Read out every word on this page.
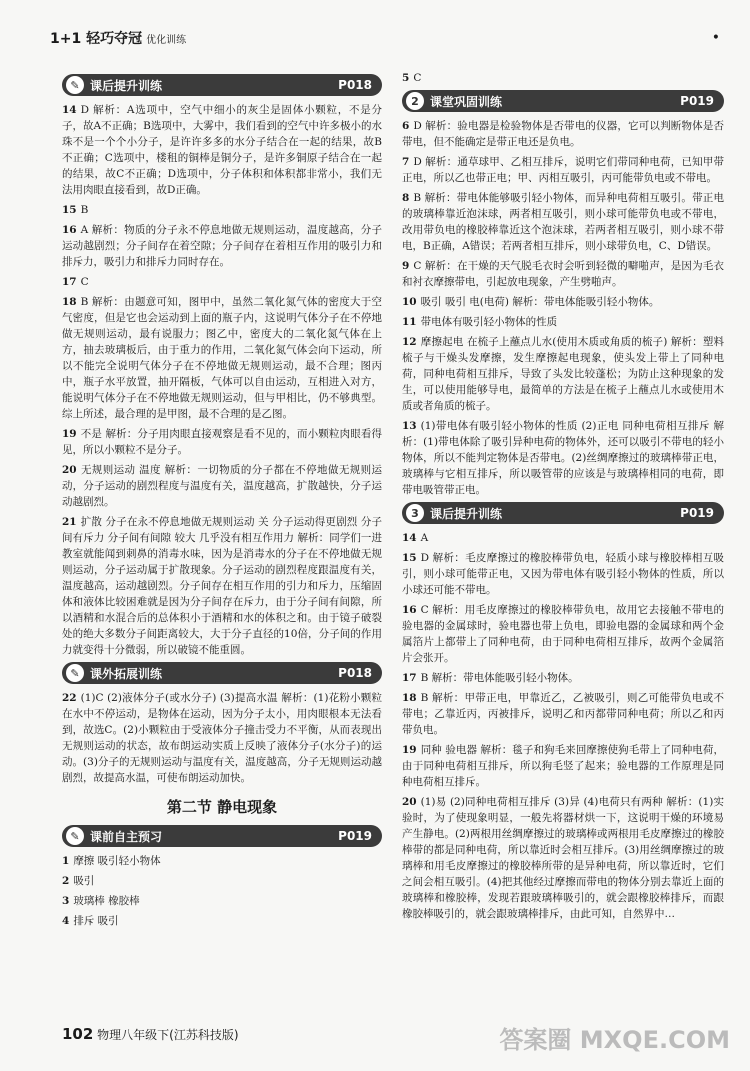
1+1 轻巧夺冠 优化训练	•
✎ 课后提升训练	P018

14 D 解析：A选项中，空气中细小的灰尘是固体小颗粒，不是分子，故A不正确；B选项中，大雾中，我们看到的空气中许多极小的水珠不是一个个小分子，是许许多多的水分子结合在一起的结果，故B不正确；C选项中，楼租的铜棒是铜分子，是许多铜原子结合在一起的结果，故C不正确；D选项中，分子体积和体积都非常小，我们无法用肉眼直接看到，故D正确。

15 B

16 A 解析：物质的分子永不停息地做无规则运动，温度越高，分子运动越剧烈；分子间存在着空隙；分子间存在着相互作用的吸引力和排斥力，吸引力和排斥力同时存在。

17 C

18 B 解析：由题意可知，图甲中，虽然二氧化氮气体的密度大于空气密度，但是它也会运动到上面的瓶子内，这说明气体分子在不停地做无规则运动，最有说服力；图乙中，密度大的二氧化氮气体在上方，抽去玻璃板后，由于重力的作用，二氧化氮气体会向下运动，所以不能完全说明气体分子在不停地做无规则运动，最不合理；图丙中，瓶子水平放置，抽开隔板，气体可以自由运动，互相进入对方，能说明气体分子在不停地做无规则运动，但与甲相比，仍不够典型。综上所述，最合理的是甲图，最不合理的是乙图。

19 不是 解析：分子用肉眼直接观察是看不见的，而小颗粒肉眼看得见，所以小颗粒不是分子。

20 无规则运动 温度 解析：一切物质的分子都在不停地做无规则运动，分子运动的剧烈程度与温度有关，温度越高，扩散越快，分子运动越剧烈。

21 扩散 分子在永不停息地做无规则运动 关 分子运动得更剧烈 分子间有斥力 分子间有间隙 较大 几乎没有相互作用力 解析：同学们一进教室就能闻到刺鼻的消毒水味，因为是消毒水的分子在不停地做无规则运动，分子运动属于扩散现象。分子运动的剧烈程度跟温度有关，温度越高，运动越剧烈。分子间存在相互作用的引力和斥力，压缩固体和液体比较困难就是因为分子间存在斥力，由于分子间有间隙，所以酒精和水混合后的总体积小于酒精和水的体积之和。由于镜子破裂处的绝大多数分子间距离较大，大于分子直径的10倍，分子间的作用力就变得十分微弱，所以破镜不能重圆。

✎ 课外拓展训练	P018

22 (1)C (2)液体分子(或水分子) (3)提高水温 解析：(1)花粉小颗粒在水中不停运动，是物体在运动，因为分子太小，用肉眼根本无法看到，故选C。(2)小颗粒由于受液体分子撞击受力不平衡，从而表现出无规则运动的状态，故布朗运动实质上反映了液体分子(水分子)的运动。(3)分子的无规则运动与温度有关，温度越高，分子无规则运动越剧烈，故提高水温，可使布朗运动加快。

第二节 静电现象
✎ 课前自主预习	P019

1 摩擦 吸引轻小物体

2 吸引

3 玻璃棒 橡胶棒

4 排斥 吸引

5 C

2 课堂巩固训练	P019

6 D 解析：验电器是检验物体是否带电的仪器，它可以判断物体是否带电，但不能确定是带正电还是负电。

7 D 解析：通草球甲、乙相互排斥，说明它们带同种电荷，已知甲带正电，所以乙也带正电；甲、丙相互吸引，丙可能带负电或不带电。

8 B 解析：带电体能够吸引轻小物体，而异种电荷相互吸引。带正电的玻璃棒靠近泡沫球，两者相互吸引，则小球可能带负电或不带电，改用带负电的橡胶棒靠近这个泡沫球，若两者相互吸引，则小球不带电，B正确，A错误；若两者相互排斥，则小球带负电，C、D错误。

9 C 解析：在干燥的天气脱毛衣时会听到轻微的噼啪声，是因为毛衣和衬衣摩擦带电，引起放电现象，产生劈啪声。

10 吸引 吸引 电(电荷) 解析：带电体能吸引轻小物体。

11 带电体有吸引轻小物体的性质

12 摩擦起电 在梳子上蘸点儿水(使用木质或角质的梳子) 解析：塑料梳子与干燥头发摩擦，发生摩擦起电现象，使头发上带上了同种电荷，同种电荷相互排斥，导致了头发比较蓬松；为防止这种现象的发生，可以使用能够导电，最简单的方法是在梳子上蘸点儿水或使用木质或者角质的梳子。

13 (1)带电体有吸引轻小物体的性质 (2)正电 同种电荷相互排斥 解析：(1)带电体除了吸引异种电荷的物体外，还可以吸引不带电的轻小物体，所以不能判定物体是否带电。(2)丝绸摩擦过的玻璃棒带正电，玻璃棒与它相互排斥，所以吸管带的应该是与玻璃棒相同的电荷，即带电吸管带正电。

3 课后提升训练	P019

14 A

15 D 解析：毛皮摩擦过的橡胶棒带负电，轻质小球与橡胶棒相互吸引，则小球可能带正电，又因为带电体有吸引轻小物体的性质，所以小球还可能不带电。

16 C 解析：用毛皮摩擦过的橡胶棒带负电，故用它去接触不带电的验电器的金属球时，验电器也带上负电，即验电器的金属球和两个金属箔片上都带上了同种电荷，由于同种电荷相互排斥，故两个金属箔片会张开。

17 B 解析：带电体能吸引轻小物体。

18 B 解析：甲带正电，甲靠近乙，乙被吸引，则乙可能带负电或不带电；乙靠近丙，丙被排斥，说明乙和丙都带同种电荷；所以乙和丙带负电。

19 同种 验电器 解析：毯子和狗毛来回摩擦使狗毛带上了同种电荷，由于同种电荷相互排斥，所以狗毛竖了起来；验电器的工作原理是同种电荷相互排斥。

20 (1)易 (2)同种电荷相互排斥 (3)异 (4)电荷只有两种 解析：(1)实验时，为了使现象明显，一般先将器材烘一下，这说明干燥的环境易产生静电。(2)两根用丝绸摩擦过的玻璃棒或两根用毛皮摩擦过的橡胶棒带的都是同种电荷，所以靠近时会相互排斥。(3)用丝绸摩擦过的玻璃棒和用毛皮摩擦过的橡胶棒所带的是异种电荷，所以靠近时，它们之间会相互吸引。(4)把其他经过摩擦而带电的物体分别去靠近上面的玻璃棒和橡胶棒，发现若跟玻璃棒吸引的，就会跟橡胶棒排斥，而跟橡胶棒吸引的，就会跟玻璃棒排斥，由此可知，自然界中…

102 物理八年级下(江苏科技版)	答案圈 MXQE.COM
